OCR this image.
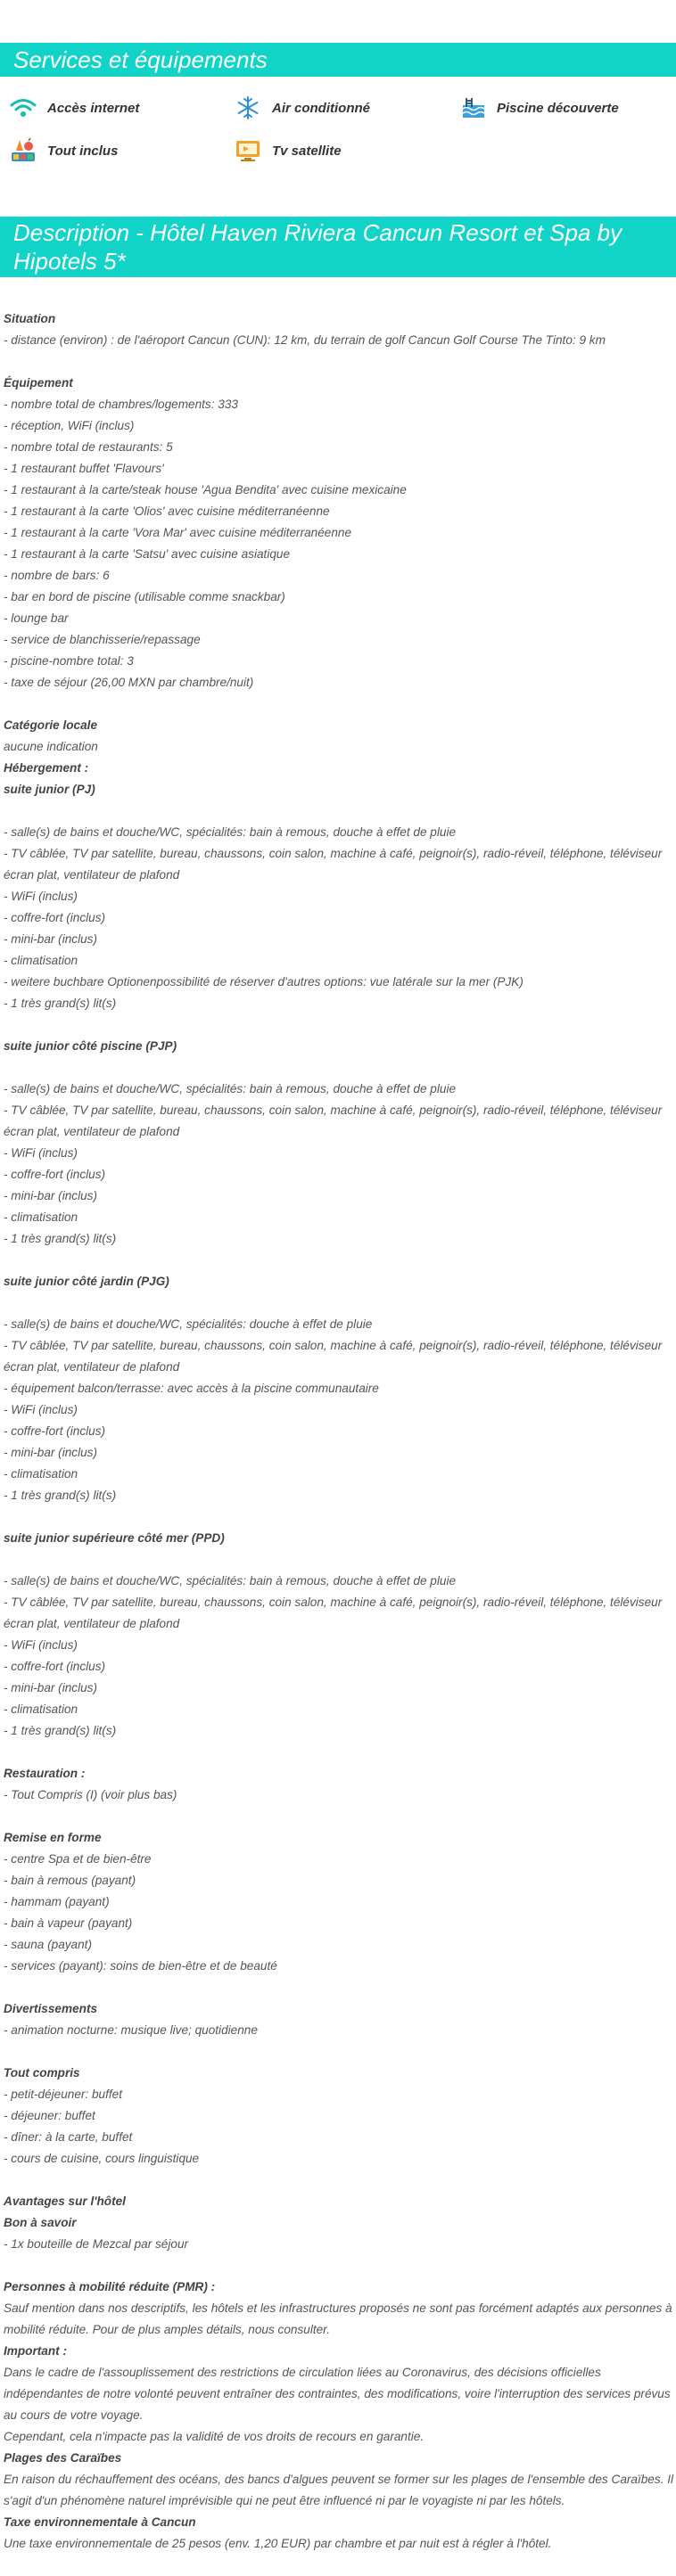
Services et équipements
Accès internet	Air conditionné	Piscine découverte
Tout inclus	Tv satellite
Description - Hôtel Haven Riviera Cancun Resort et Spa by Hipotels 5*
Situation
- distance (environ) : de l'aéroport Cancun (CUN): 12 km, du terrain de golf Cancun Golf Course The Tinto: 9 km
Équipement
- nombre total de chambres/logements: 333
- réception, WiFi (inclus)
- nombre total de restaurants: 5
- 1 restaurant buffet 'Flavours'
- 1 restaurant à la carte/steak house 'Agua Bendita' avec cuisine mexicaine
- 1 restaurant à la carte 'Olios' avec cuisine méditerranéenne
- 1 restaurant à la carte 'Vora Mar' avec cuisine méditerranéenne
- 1 restaurant à la carte 'Satsu' avec cuisine asiatique
- nombre de bars: 6
- bar en bord de piscine (utilisable comme snackbar)
- lounge bar
- service de blanchisserie/repassage
- piscine-nombre total: 3
- taxe de séjour (26,00 MXN par chambre/nuit)
Catégorie locale
aucune indication
Hébergement :
suite junior (PJ)
- salle(s) de bains et douche/WC, spécialités: bain à remous, douche à effet de pluie
- TV câblée, TV par satellite, bureau, chaussons, coin salon, machine à café, peignoir(s), radio-réveil, téléphone, téléviseur écran plat, ventilateur de plafond
- WiFi (inclus)
- coffre-fort (inclus)
- mini-bar (inclus)
- climatisation
- weitere buchbare Optionenpossibilité de réserver d'autres options: vue latérale sur la mer (PJK)
- 1 très grand(s) lit(s)
suite junior côté piscine (PJP)
- salle(s) de bains et douche/WC, spécialités: bain à remous, douche à effet de pluie
- TV câblée, TV par satellite, bureau, chaussons, coin salon, machine à café, peignoir(s), radio-réveil, téléphone, téléviseur écran plat, ventilateur de plafond
- WiFi (inclus)
- coffre-fort (inclus)
- mini-bar (inclus)
- climatisation
- 1 très grand(s) lit(s)
suite junior côté jardin (PJG)
- salle(s) de bains et douche/WC, spécialités: douche à effet de pluie
- TV câblée, TV par satellite, bureau, chaussons, coin salon, machine à café, peignoir(s), radio-réveil, téléphone, téléviseur écran plat, ventilateur de plafond
- équipement balcon/terrasse: avec accès à la piscine communautaire
- WiFi (inclus)
- coffre-fort (inclus)
- mini-bar (inclus)
- climatisation
- 1 très grand(s) lit(s)
suite junior supérieure côté mer (PPD)
- salle(s) de bains et douche/WC, spécialités: bain à remous, douche à effet de pluie
- TV câblée, TV par satellite, bureau, chaussons, coin salon, machine à café, peignoir(s), radio-réveil, téléphone, téléviseur écran plat, ventilateur de plafond
- WiFi (inclus)
- coffre-fort (inclus)
- mini-bar (inclus)
- climatisation
- 1 très grand(s) lit(s)
Restauration :
- Tout Compris (I) (voir plus bas)
Remise en forme
- centre Spa et de bien-être
- bain à remous (payant)
- hammam (payant)
- bain à vapeur (payant)
- sauna (payant)
- services (payant): soins de bien-être et de beauté
Divertissements
- animation nocturne: musique live; quotidienne
Tout compris
- petit-déjeuner: buffet
- déjeuner: buffet
- dîner: à la carte, buffet
- cours de cuisine, cours linguistique
Avantages sur l'hôtel
Bon à savoir
- 1x bouteille de Mezcal par séjour
Personnes à mobilité réduite (PMR) :
Sauf mention dans nos descriptifs, les hôtels et les infrastructures proposés ne sont pas forcément adaptés aux personnes à mobilité réduite. Pour de plus amples détails, nous consulter.
Important :
Dans le cadre de l'assouplissement des restrictions de circulation liées au Coronavirus, des décisions officielles indépendantes de notre volonté peuvent entraîner des contraintes, des modifications, voire l'interruption des services prévus au cours de votre voyage.
Cependant, cela n'impacte pas la validité de vos droits de recours en garantie.
Plages des Caraïbes
En raison du réchauffement des océans, des bancs d'algues peuvent se former sur les plages de l'ensemble des Caraïbes. Il s'agit d'un phénomène naturel imprévisible qui ne peut être influencé ni par le voyagiste ni par les hôtels.
Taxe environnementale à Cancun
Une taxe environnementale de 25 pesos (env. 1,20 EUR) par chambre et par nuit est à régler à l'hôtel.
